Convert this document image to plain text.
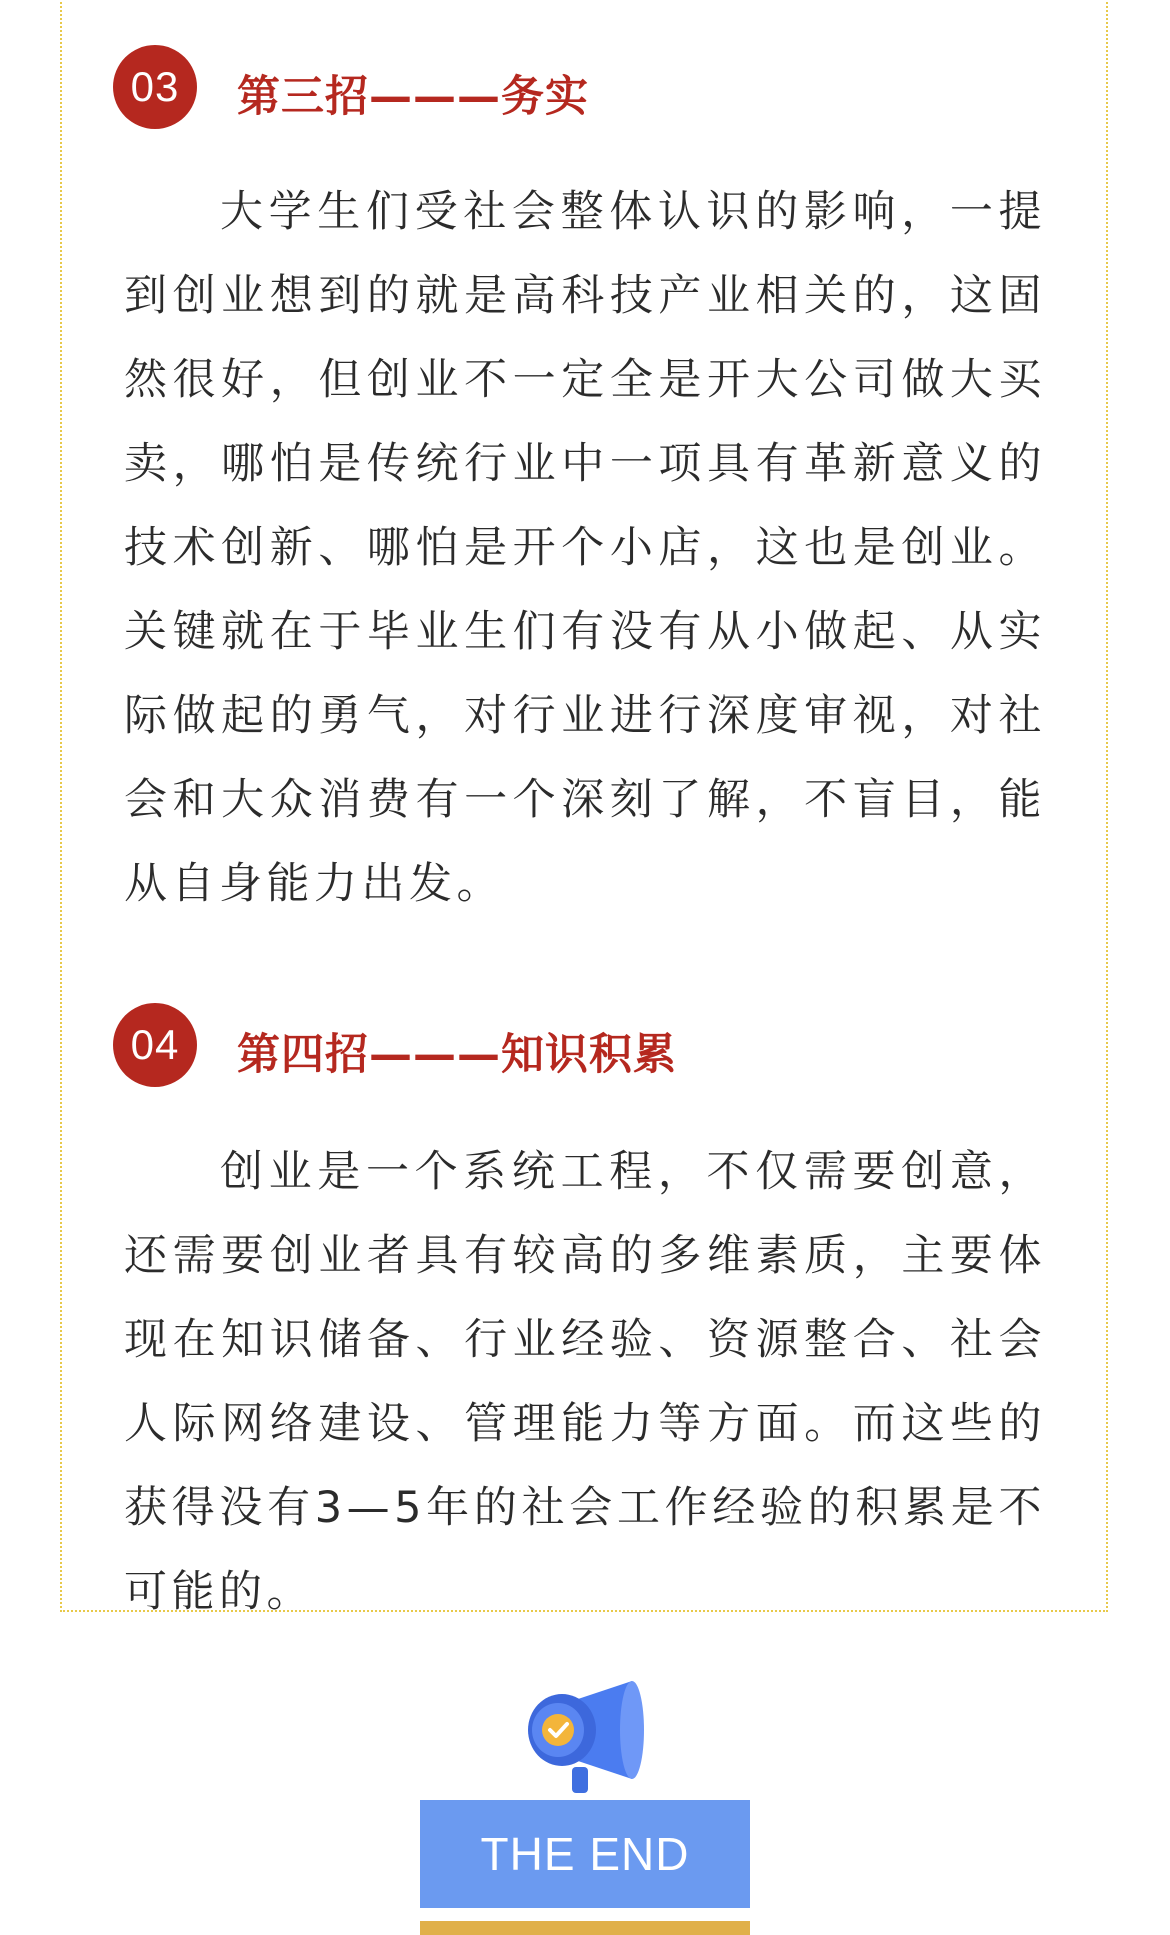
03	第三招———务实

大学生们受社会整体认识的影响，一提到创业想到的就是高科技产业相关的，这固然很好，但创业不一定全是开大公司做大买卖，哪怕是传统行业中一项具有革新意义的技术创新、哪怕是开个小店，这也是创业。关键就在于毕业生们有没有从小做起、从实际做起的勇气，对行业进行深度审视，对社会和大众消费有一个深刻了解，不盲目，能从自身能力出发。

04	第四招———知识积累

创业是一个系统工程，不仅需要创意，还需要创业者具有较高的多维素质，主要体现在知识储备、行业经验、资源整合、社会人际网络建设、管理能力等方面。而这些的获得没有3—5年的社会工作经验的积累是不可能的。

THE END
